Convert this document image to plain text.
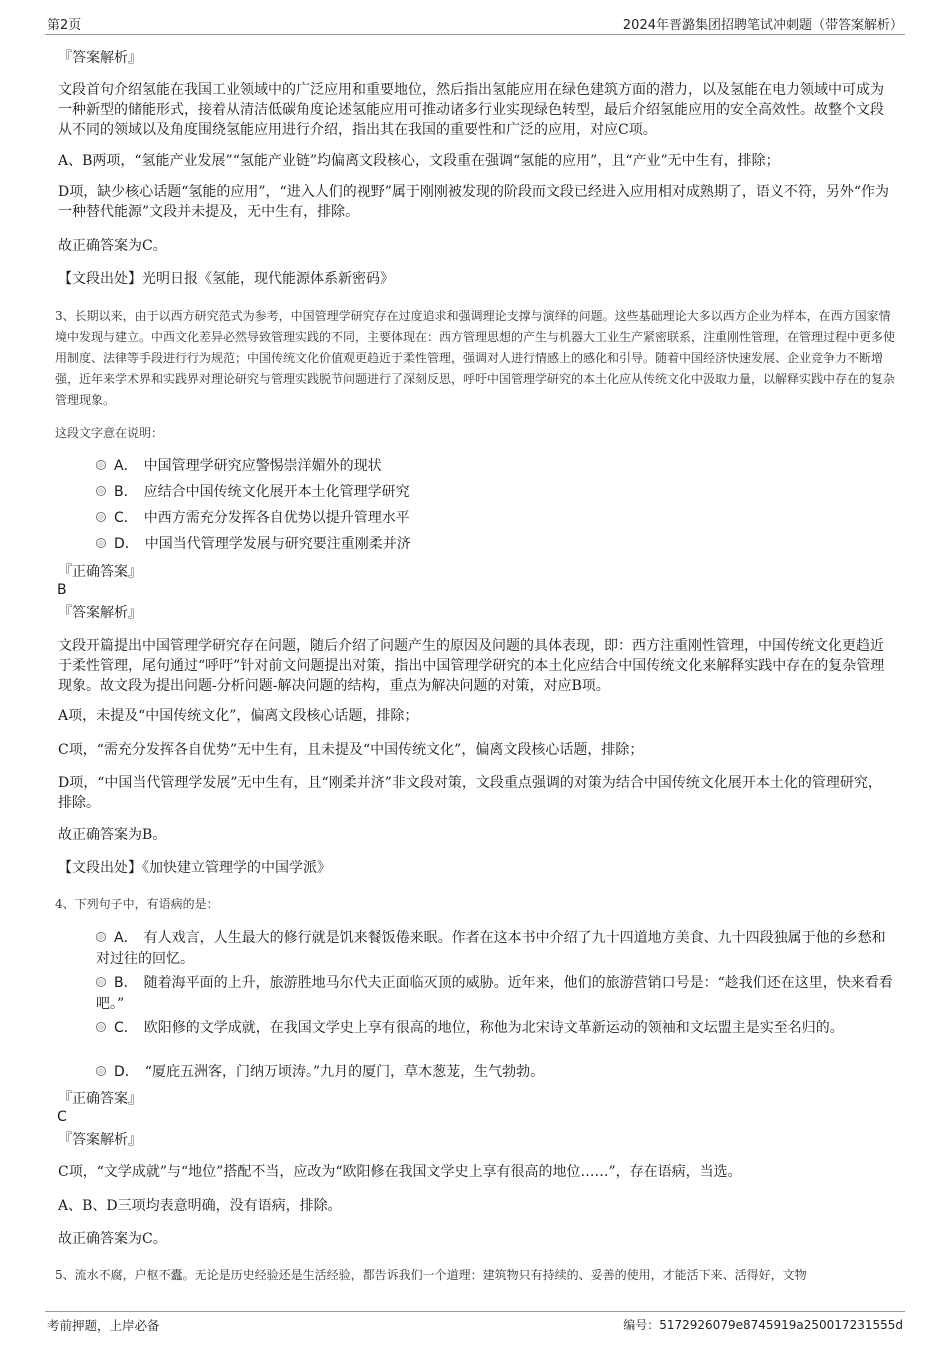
第2页	2024年晋潞集团招聘笔试冲刺题（带答案解析）
『答案解析』

文段首句介绍氢能在我国工业领域中的广泛应用和重要地位，然后指出氢能应用在绿色建筑方面的潜力，以及氢能在电力领域中可成为一种新型的储能形式，接着从清洁低碳角度论述氢能应用可推动诸多行业实现绿色转型，最后介绍氢能应用的安全高效性。故整个文段从不同的领域以及角度围绕氢能应用进行介绍，指出其在我国的重要性和广泛的应用，对应C项。

A、B两项，“氢能产业发展”“氢能产业链”均偏离文段核心，文段重在强调“氢能的应用”，且“产业”无中生有，排除；

D项，缺少核心话题“氢能的应用”，“进入人们的视野”属于刚刚被发现的阶段而文段已经进入应用相对成熟期了，语义不符，另外“作为一种替代能源”文段并未提及，无中生有，排除。

故正确答案为C。

【文段出处】光明日报《氢能，现代能源体系新密码》

3、长期以来，由于以西方研究范式为参考，中国管理学研究存在过度追求和强调理论支撑与演绎的问题。这些基础理论大多以西方企业为样本，在西方国家情境中发现与建立。中西文化差异必然导致管理实践的不同，主要体现在：西方管理思想的产生与机器大工业生产紧密联系，注重刚性管理，在管理过程中更多使用制度、法律等手段进行行为规范；中国传统文化价值观更趋近于柔性管理，强调对人进行情感上的感化和引导。随着中国经济快速发展、企业竞争力不断增强，近年来学术界和实践界对理论研究与管理实践脱节问题进行了深刻反思，呼吁中国管理学研究的本土化应从传统文化中汲取力量，以解释实践中存在的复杂管理现象。

这段文字意在说明：
A． 中国管理学研究应警惕崇洋媚外的现状
B． 应结合中国传统文化展开本土化管理学研究
C． 中西方需充分发挥各自优势以提升管理水平
D． 中国当代管理学发展与研究要注重刚柔并济
『正确答案』
B
『答案解析』

文段开篇提出中国管理学研究存在问题，随后介绍了问题产生的原因及问题的具体表现，即：西方注重刚性管理，中国传统文化更趋近于柔性管理，尾句通过“呼吁”针对前文问题提出对策，指出中国管理学研究的本土化应结合中国传统文化来解释实践中存在的复杂管理现象。故文段为提出问题-分析问题-解决问题的结构，重点为解决问题的对策，对应B项。

A项，未提及“中国传统文化”，偏离文段核心话题，排除；

C项，“需充分发挥各自优势”无中生有，且未提及“中国传统文化”，偏离文段核心话题，排除；

D项，“中国当代管理学发展”无中生有，且“刚柔并济”非文段对策，文段重点强调的对策为结合中国传统文化展开本土化的管理研究，排除。

故正确答案为B。

【文段出处】《加快建立管理学的中国学派》

4、下列句子中，有语病的是：
A． 有人戏言，人生最大的修行就是饥来餐饭倦来眠。作者在这本书中介绍了九十四道地方美食、九十四段独属于他的乡愁和对过往的回忆。
B． 随着海平面的上升，旅游胜地马尔代夫正面临灭顶的威胁。近年来，他们的旅游营销口号是：“趁我们还在这里，快来看看吧。”
C． 欧阳修的文学成就，在我国文学史上享有很高的地位，称他为北宋诗文革新运动的领袖和文坛盟主是实至名归的。
D． “厦庇五洲客，门纳万顷涛。”九月的厦门，草木葱茏，生气勃勃。
『正确答案』
C
『答案解析』

C项，“文学成就”与“地位”搭配不当，应改为“欧阳修在我国文学史上享有很高的地位……”，存在语病，当选。

A、B、D三项均表意明确，没有语病，排除。

故正确答案为C。

5、流水不腐，户枢不蠹。无论是历史经验还是生活经验，都告诉我们一个道理：建筑物只有持续的、妥善的使用，才能活下来、活得好，文物
考前押题，上岸必备	编号：5172926079e8745919a250017231555d
